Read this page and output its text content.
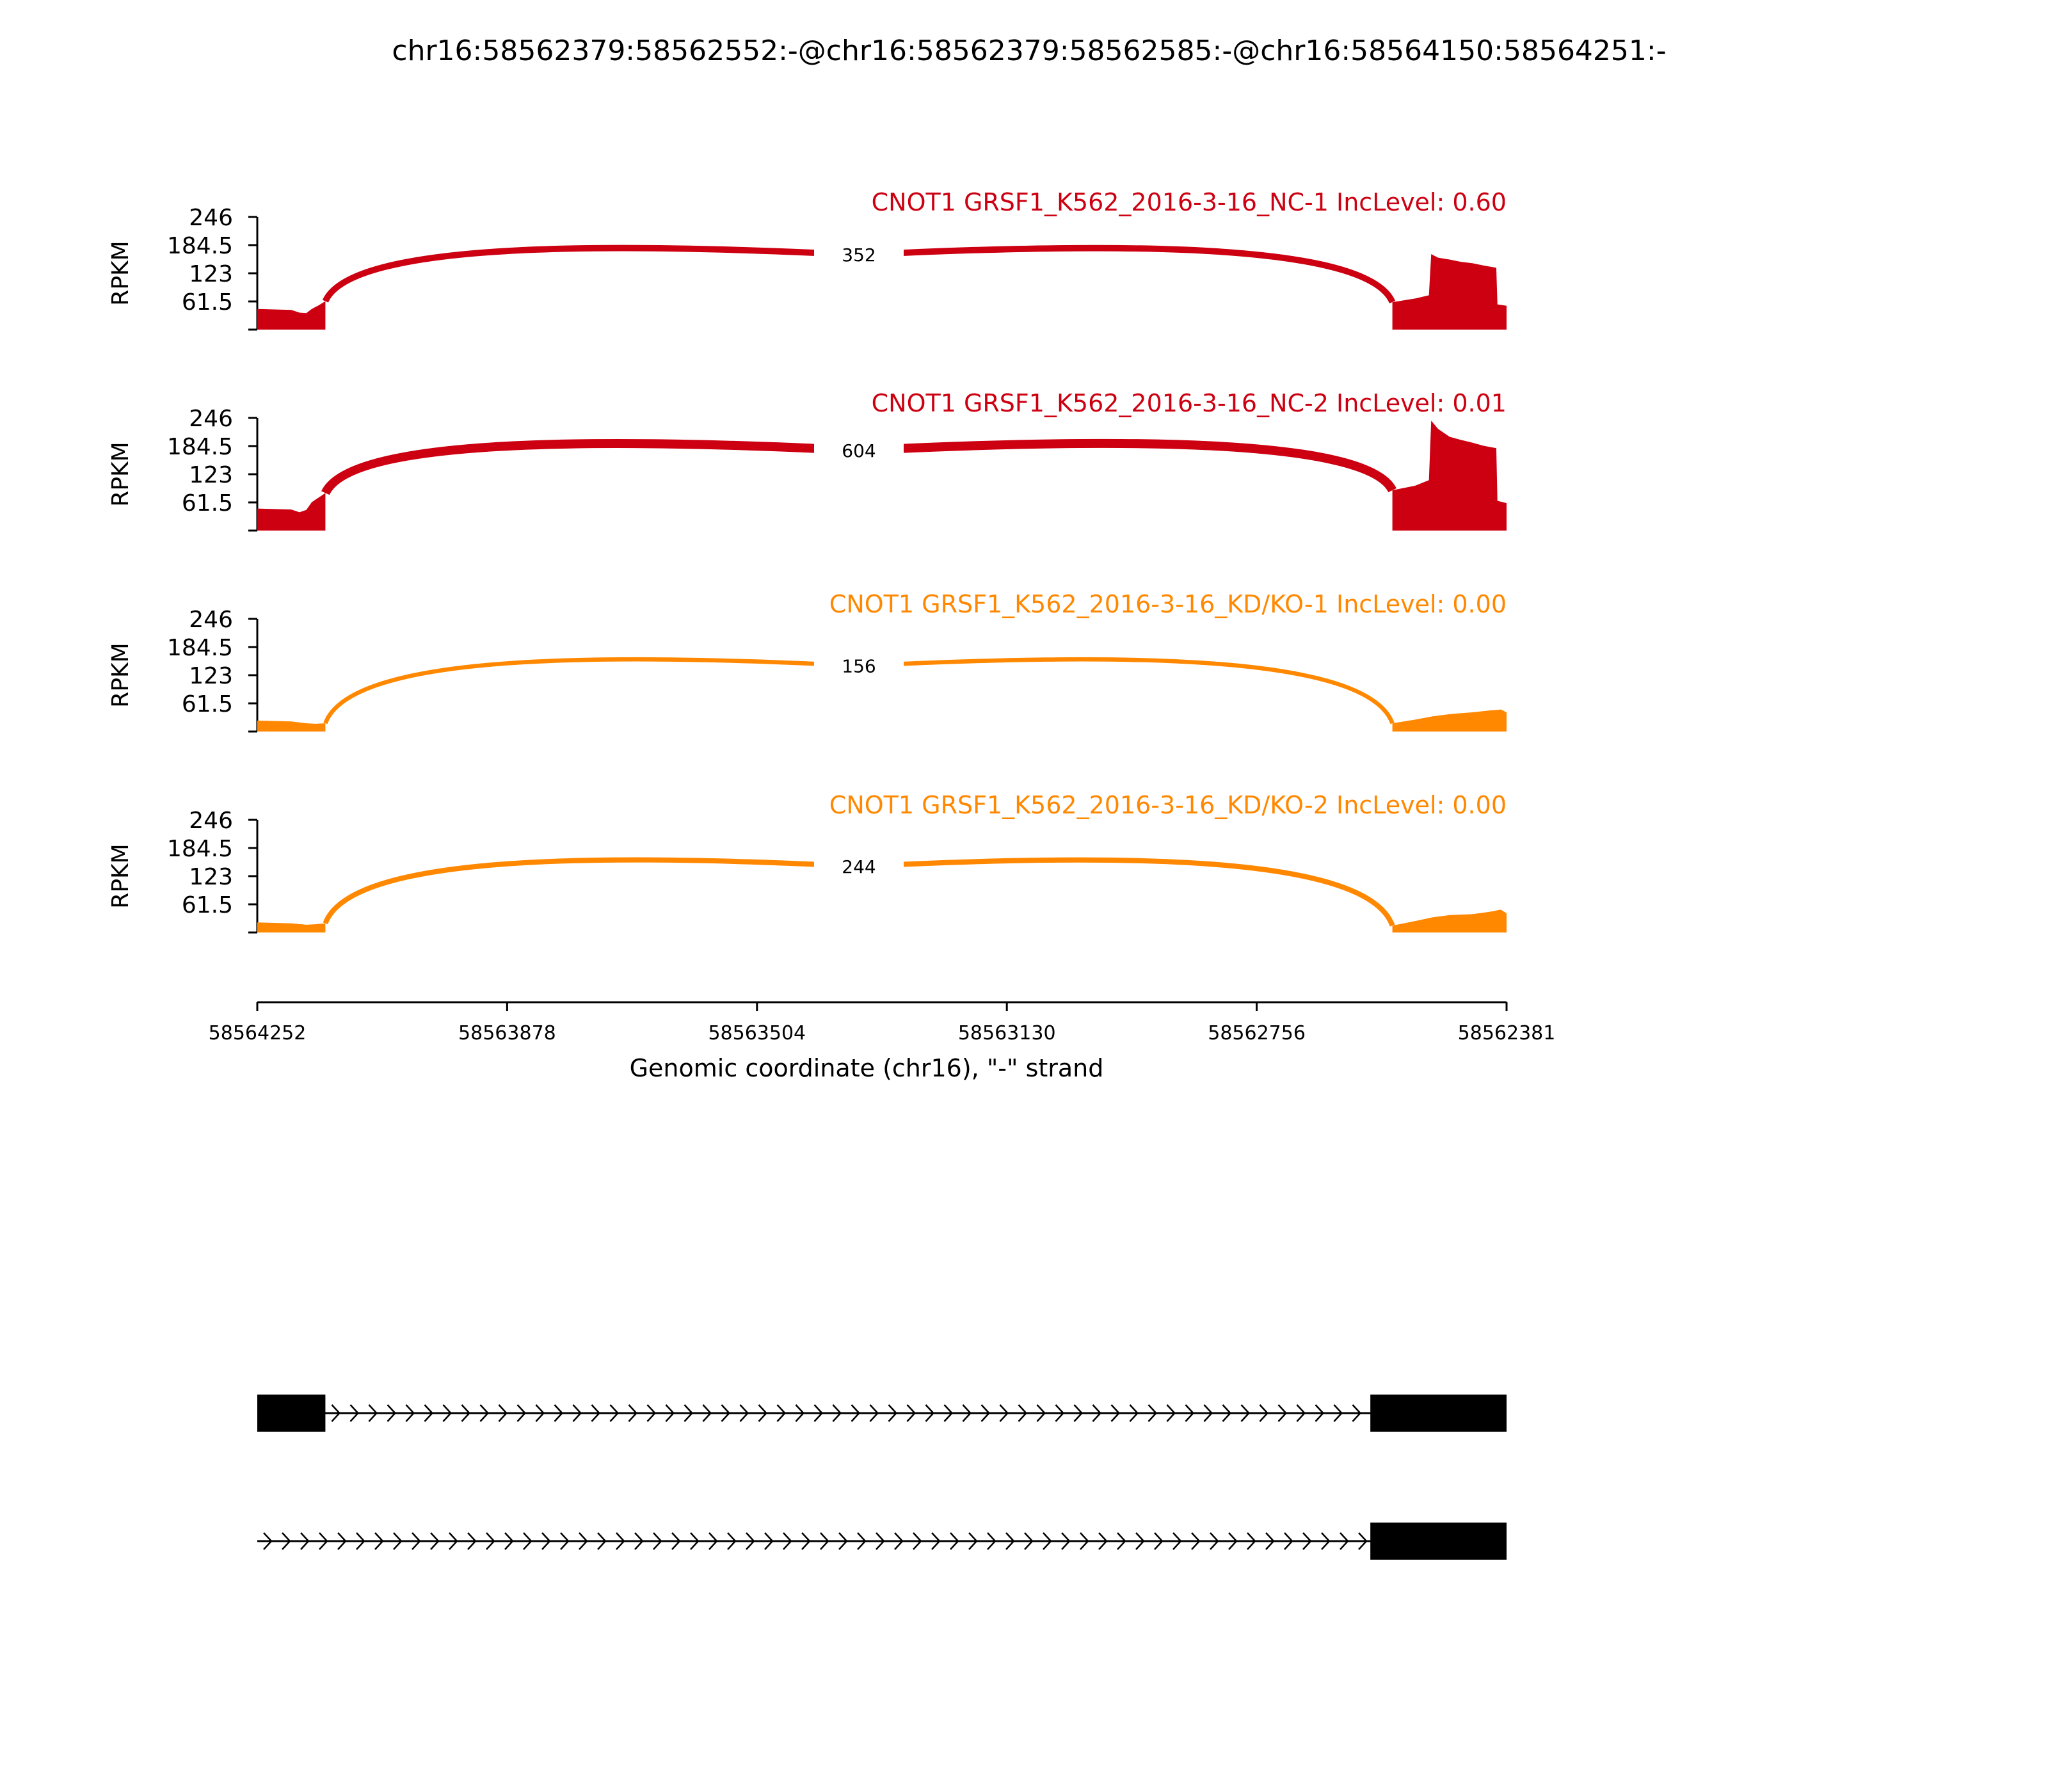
chr16:58562379:58562552:-@chr16:58562379:58562585:-@chr16:58564150:58564251:-
246
184.5
123
61.5
RPKM
CNOT1 GRSF1_K562_2016-3-16_NC-1 IncLevel: 0.60
352
246
184.5
123
61.5
RPKM
CNOT1 GRSF1_K562_2016-3-16_NC-2 IncLevel: 0.01
604
246
184.5
123
61.5
RPKM
CNOT1 GRSF1_K562_2016-3-16_KD/KO-1 IncLevel: 0.00
156
246
184.5
123
61.5
RPKM
CNOT1 GRSF1_K562_2016-3-16_KD/KO-2 IncLevel: 0.00
244
58564252	58563878	58563504	58563130	58562756	58562381
Genomic coordinate (chr16), "-" strand
